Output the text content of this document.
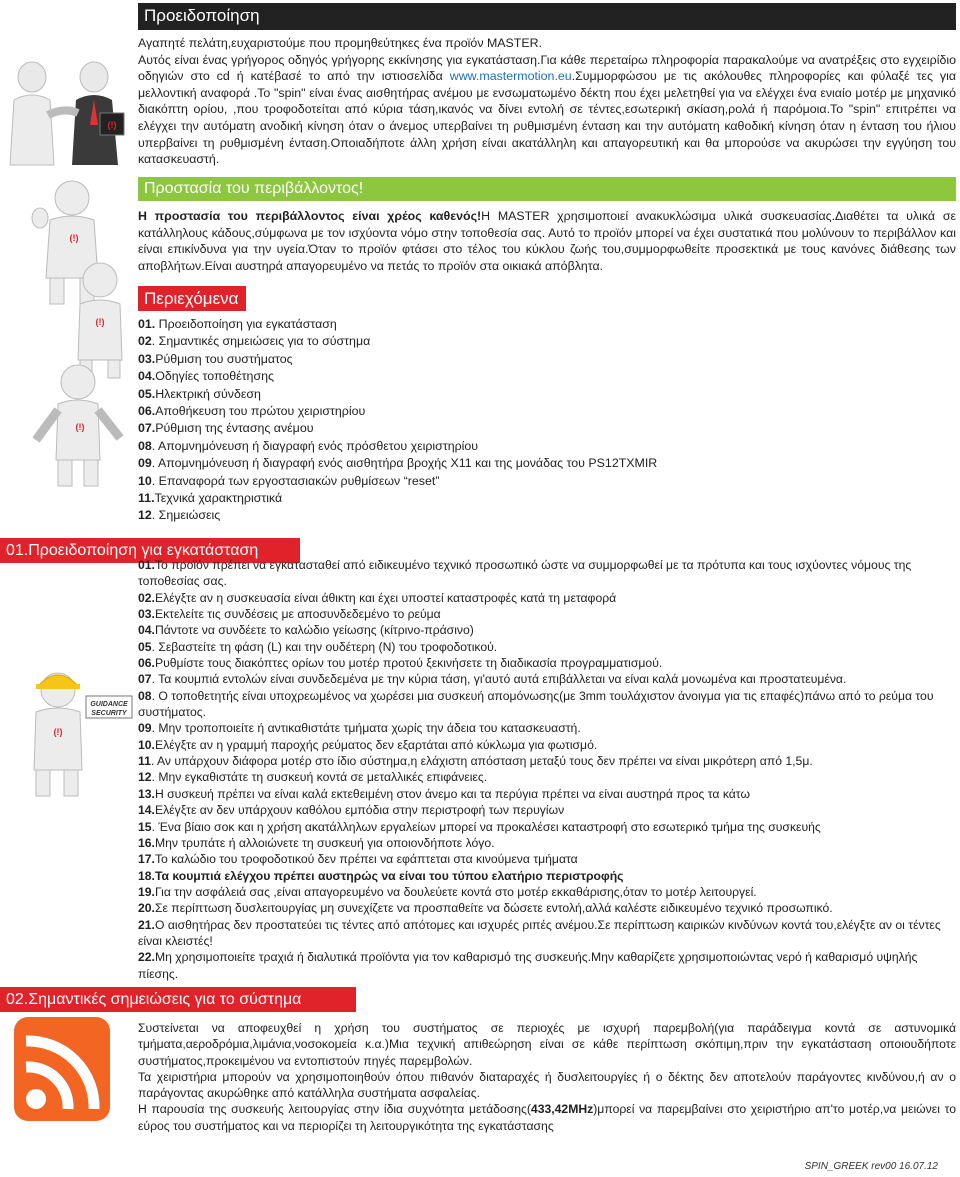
(!)
(!)
(!)
(!)
GUIDANCE
SECURITY
(!)
Προειδοποίηση
Αγαπητέ πελάτη,ευχαριστούμε που προμηθεύτηκες ένα προϊόν MASTER.
Αυτός είναι ένας γρήγορος οδηγός γρήγορης εκκίνησης για εγκατάσταση.Για κάθε περεταίρω πληροφορία παρακαλούμε να ανατρέξεις στο εγχειρίδιο οδηγιών στο cd ή κατέβασέ το από την ιστιοσελίδα www.mastermotion.eu.Συμμορφώσου με τις ακόλουθες πληροφορίες και φύλαξέ τες για μελλοντική αναφορά .Το "spin" είναι ένας αισθητήρας ανέμου με ενσωματωμένο δέκτη που έχει μελετηθεί για να ελέγχει ένα ενιαίο μοτέρ με μηχανικό διακόπτη ορίου, ,που τροφοδοτείται από κύρια τάση,ικανός να δίνει εντολή σε τέντες,εσωτερική σκίαση,ρολά ή παρόμοια.Το "spin" επιτρέπει να ελέγχει την αυτόματη ανοδική κίνηση όταν ο άνεμος υπερβαίνει τη ρυθμισμένη ένταση και την αυτόματη καθοδική κίνηση όταν η ένταση του ήλιου υπερβαίνει τη ρυθμισμένη ένταση.Οποιαδήποτε άλλη χρήση είναι ακατάλληλη και απαγορευτική και θα μπορούσε να ακυρώσει την εγγύηση του κατασκευαστή.
Προστασία του περιβάλλοντος!
Η προστασία του περιβάλλοντος είναι χρέος καθενός!Η MASTER χρησιμοποιεί ανακυκλώσιμα υλικά συσκευασίας.Διαθέτει τα υλικά σε κατάλληλους κάδους,σύμφωνα με τον ισχύοντα νόμο στην τοποθεσία σας. Αυτό το προϊόν μπορεί να έχει συστατικά που μολύνουν το περιβάλλον και είναι επικίνδυνα για την υγεία.Όταν το προϊόν φτάσει στο τέλος του κύκλου ζωής του,συμμορφωθείτε προσεκτικά με τους κανόνες διάθεσης των αποβλήτων.Είναι αυστηρά απαγορευμένο να πετάς το προϊόν στα οικιακά απόβλητα.
Περιεχόμενα
01. Προειδοποίηση για εγκατάσταση
02. Σημαντικές σημειώσεις για το σύστημα
03.Ρύθμιση του συστήματος
04.Οδηγίες τοποθέτησης
05.Ηλεκτρική σύνδεση
06.Αποθήκευση του πρώτου χειριστηρίου
07.Ρύθμιση της έντασης ανέμου
08. Απομνημόνευση ή διαγραφή ενός πρόσθετου χειριστηρίου
09. Απομνημόνευση ή διαγραφή ενός αισθητήρα βροχής Χ11 και της μονάδας του PS12TXMIR
10. Επαναφορά των εργοστασιακών ρυθμίσεων “reset”
11.Τεχνικά χαρακτηριστικά
12. Σημειώσεις
01.Προειδοποίηση για εγκατάσταση
01.Το προϊόν πρέπει να εγκατασταθεί από ειδικευμένο τεχνικό προσωπικό ώστε να συμμορφωθεί με τα πρότυπα και τους ισχύοντες νόμους της τοποθεσίας σας.
02.Ελέγξτε αν η συσκευασία είναι άθικτη και έχει υποστεί καταστροφές κατά τη μεταφορά
03.Εκτελείτε τις συνδέσεις με αποσυνδεδεμένο το ρεύμα
04.Πάντοτε να συνδέετε το καλώδιο γείωσης (κίτρινο-πράσινο)
05. Σεβαστείτε τη φάση (L) και την ουδέτερη (N) του τροφοδοτικού.
06.Ρυθμίστε τους διακόπτες ορίων του μοτέρ προτού ξεκινήσετε τη διαδικασία προγραμματισμού.
07. Τα κουμπιά εντολών είναι συνδεδεμένα με την κύρια τάση, γι'αυτό αυτά επιβάλλεται να είναι καλά μονωμένα και προστατευμένα.
08. Ο τοποθετητής είναι υποχρεωμένος να χωρέσει μια συσκευή απομόνωσης(με 3mm τουλάχιστον άνοιγμα για τις επαφές)πάνω από το ρεύμα του συστήματος.
09. Μην τροποποιείτε ή αντικαθιστάτε τμήματα χωρίς την άδεια του κατασκευαστή.
10.Ελέγξτε αν η γραμμή παροχής ρεύματος δεν εξαρτάται από κύκλωμα για φωτισμό.
11. Αν υπάρχουν διάφορα μοτέρ στο ίδιο σύστημα,η ελάχιστη απόσταση μεταξύ τους δεν πρέπει να είναι μικρότερη από 1,5μ.
12. Μην εγκαθιστάτε τη συσκευή κοντά σε μεταλλικές επιφάνειες.
13.Η συσκευή πρέπει να είναι καλά εκτεθειμένη στον άνεμο και τα περύγια πρέπει να είναι αυστηρά προς τα κάτω
14.Ελέγξτε αν δεν υπάρχουν καθόλου εμπόδια στην περιστροφή των περυγίων
15. Ένα βίαιο σοκ και η χρήση ακατάλληλων εργαλείων μπορεί να προκαλέσει καταστροφή στο εσωτερικό τμήμα της συσκευής
16.Μην τρυπάτε ή αλλοιώνετε τη συσκευή για οποιονδήποτε λόγο.
17.Το καλώδιο του τροφοδοτικού δεν πρέπει να εφάπτεται στα κινούμενα τμήματα
18.Τα κουμπιά ελέγχου πρέπει αυστηρώς να είναι του τύπου ελατήριο περιστροφής
19.Για την ασφάλειά σας ,είναι απαγορευμένο να δουλεύετε κοντά στο μοτέρ εκκαθάρισης,όταν το μοτέρ λειτουργεί.
20.Σε περίπτωση δυσλειτουργίας μη συνεχίζετε να προσπαθείτε να δώσετε εντολή,αλλά καλέστε ειδικευμένο τεχνικό προσωπικό.
21.Ο αισθητήρας δεν προστατεύει τις τέντες από απότομες και ισχυρές ριπές ανέμου.Σε περίπτωση καιρικών κινδύνων κοντά του,ελέγξτε αν οι τέντες είναι κλειστές!
22.Μη χρησιμοποιείτε τραχιά ή διαλυτικά προϊόντα για τον καθαρισμό της συσκευής.Μην καθαρίζετε χρησιμοποιώντας νερό ή καθαρισμό υψηλής πίεσης.
02.Σημαντικές σημειώσεις για το σύστημα
Συστείνεται να αποφευχθεί η χρήση του συστήματος σε περιοχές με ισχυρή παρεμβολή(για παράδειγμα κοντά σε αστυνομικά τμήματα,αεροδρόμια,λιμάνια,νοσοκομεία κ.α.)Μια τεχνική απιθεώρηση είναι σε κάθε περίπτωση σκόπιμη,πριν την εγκατάσταση οποιουδήποτε συστήματος,προκειμένου να εντοπιστούν πηγές παρεμβολών.
Τα χειριστήρια μπορούν να χρησιμοποιηθούν όπου πιθανόν διαταραχές ή δυσλειτουργίες ή ο δέκτης δεν αποτελούν παράγοντες κινδύνου,ή αν ο παράγοντας ακυρώθηκε από κατάλληλα συστήματα ασφαλείας.
Η παρουσία της συσκευής λειτουργίας στην ίδια συχνότητα μετάδοσης(433,42MHz)μπορεί να παρεμβαίνει στο χειριστήριο απ'το μοτέρ,να μειώνει το εύρος του συστήματος και να περιορίζει τη λειτουργικότητα της εγκατάστασης
SPIN_GREEK rev00 16.07.12
